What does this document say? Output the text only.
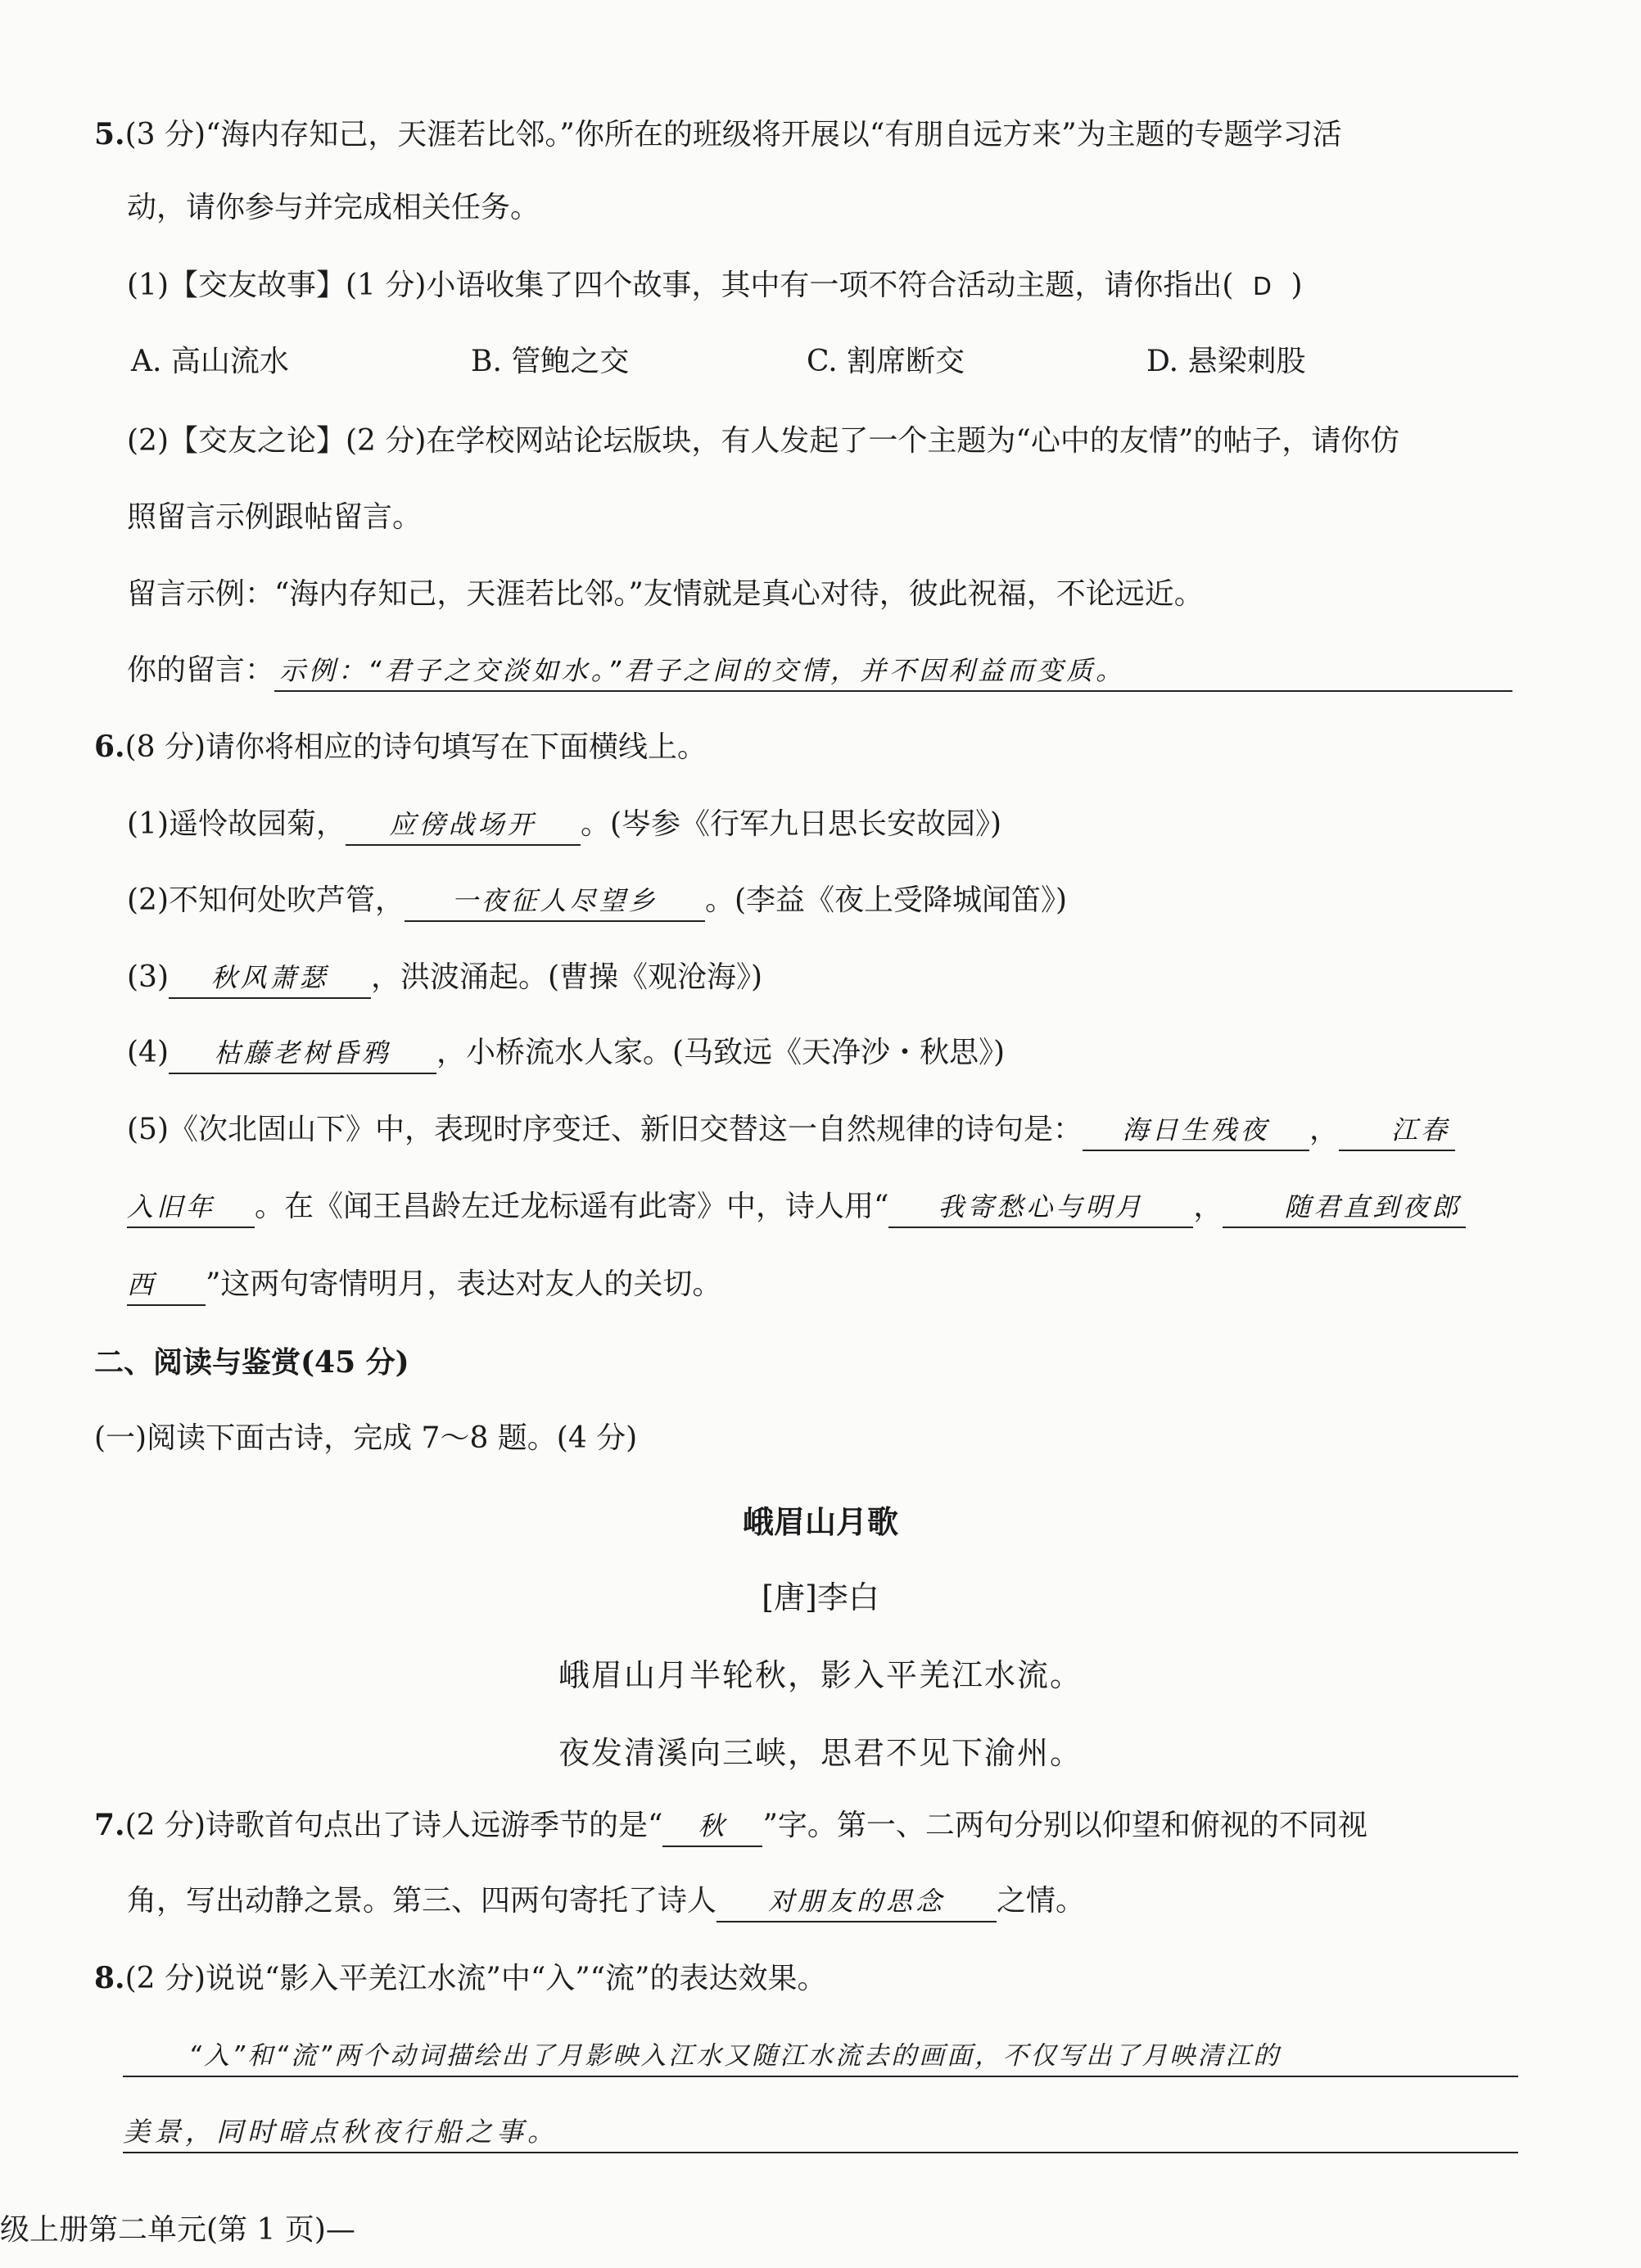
5.(3 分)“海内存知己，天涯若比邻。”你所在的班级将开展以“有朋自远方来”为主题的专题学习活
动，请你参与并完成相关任务。
(1)【交友故事】(1 分)小语收集了四个故事，其中有一项不符合活动主题，请你指出( D )
A. 高山流水	B. 管鲍之交	C. 割席断交	D. 悬梁刺股
(2)【交友之论】(2 分)在学校网站论坛版块，有人发起了一个主题为“心中的友情”的帖子，请你仿
照留言示例跟帖留言。
留言示例：“海内存知己，天涯若比邻。”友情就是真心对待，彼此祝福，不论远近。
你的留言： 示例：“君子之交淡如水。”君子之间的交情，并不因利益而变质。
6.(8 分)请你将相应的诗句填写在下面横线上。
(1)遥怜故园菊， 应傍战场开 。(岑参《行军九日思长安故园》)
(2)不知何处吹芦管， 一夜征人尽望乡 。(李益《夜上受降城闻笛》)
(3) 秋风萧瑟 ，洪波涌起。(曹操《观沧海》)
(4) 枯藤老树昏鸦 ，小桥流水人家。(马致远《天净沙・秋思》)
(5)《次北固山下》中，表现时序变迁、新旧交替这一自然规律的诗句是： 海日生残夜 ， 江春
入旧年 。在《闻王昌龄左迁龙标遥有此寄》中，诗人用“ 我寄愁心与明月 ， 随君直到夜郎
西 ”这两句寄情明月，表达对友人的关切。
二、阅读与鉴赏(45 分)
(一)阅读下面古诗，完成 7～8 题。(4 分)
峨眉山月歌
[唐]李白
峨眉山月半轮秋，影入平羌江水流。
夜发清溪向三峡，思君不见下渝州。
7.(2 分)诗歌首句点出了诗人远游季节的是“ 秋 ”字。第一、二两句分别以仰望和俯视的不同视
角，写出动静之景。第三、四两句寄托了诗人 对朋友的思念 之情。
8.(2 分)说说“影入平羌江水流”中“入”“流”的表达效果。
“入”和“流”两个动词描绘出了月影映入江水又随江水流去的画面，不仅写出了月映清江的
美景，同时暗点秋夜行船之事。
级上册第二单元(第 1 页)—
